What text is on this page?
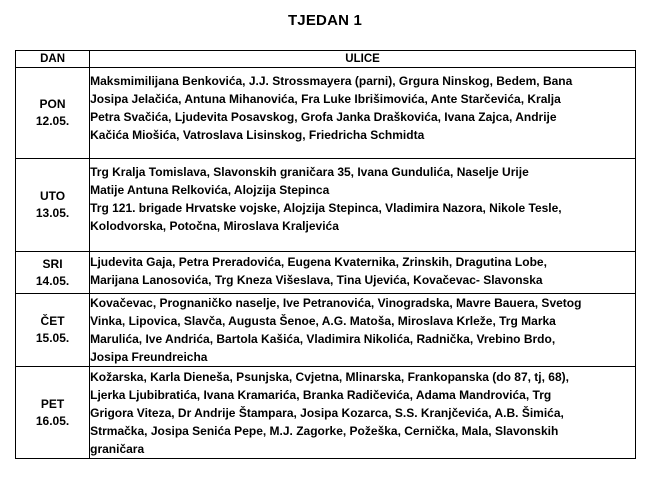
TJEDAN 1
DAN	ULICE

PON
12.05.	Maksmimilijana Benkovića, J.J. Strossmayera (parni), Grgura Ninskog, Bedem, Bana
Josipa Jelačića, Antuna Mihanovića, Fra Luke Ibrišimovića, Ante Starčevića, Kralja
Petra Svačića, Ljudevita Posavskog, Grofa Janka Draškovića, Ivana Zajca, Andrije
Kačića Miošića, Vatroslava Lisinskog, Friedricha Schmidta

UTO
13.05.	Trg Kralja Tomislava, Slavonskih graničara 35, Ivana Gundulića, Naselje Urije
Matije Antuna Relkovića, Alojzija Stepinca
Trg 121. brigade Hrvatske vojske, Alojzija Stepinca, Vladimira Nazora, Nikole Tesle,
Kolodvorska, Potočna, Miroslava Kraljevića

SRI
14.05.	Ljudevita Gaja, Petra Preradovića, Eugena Kvaternika, Zrinskih, Dragutina Lobe,
Marijana Lanosovića, Trg Kneza Višeslava, Tina Ujevića, Kovačevac- Slavonska

ČET
15.05.	Kovačevac, Prognaničko naselje, Ive Petranovića, Vinogradska, Mavre Bauera, Svetog
Vinka, Lipovica, Slavča, Augusta Šenoe, A.G. Matoša, Miroslava Krleže, Trg Marka
Marulića, Ive Andrića, Bartola Kašića, Vladimira Nikolića, Radnička, Vrebino Brdo,
Josipa Freundreicha

PET
16.05.	Kožarska, Karla Dieneša, Psunjska, Cvjetna, Mlinarska, Frankopanska (do 87, tj, 68),
Ljerka Ljubibratića, Ivana Kramarića, Branka Radičevića, Adama Mandrovića, Trg
Grigora Viteza, Dr Andrije Štampara, Josipa Kozarca, S.S. Kranjčevića, A.B. Šimića,
Strmačka, Josipa Senića Pepe, M.J. Zagorke, Požeška, Cernička, Mala, Slavonskih
graničara
